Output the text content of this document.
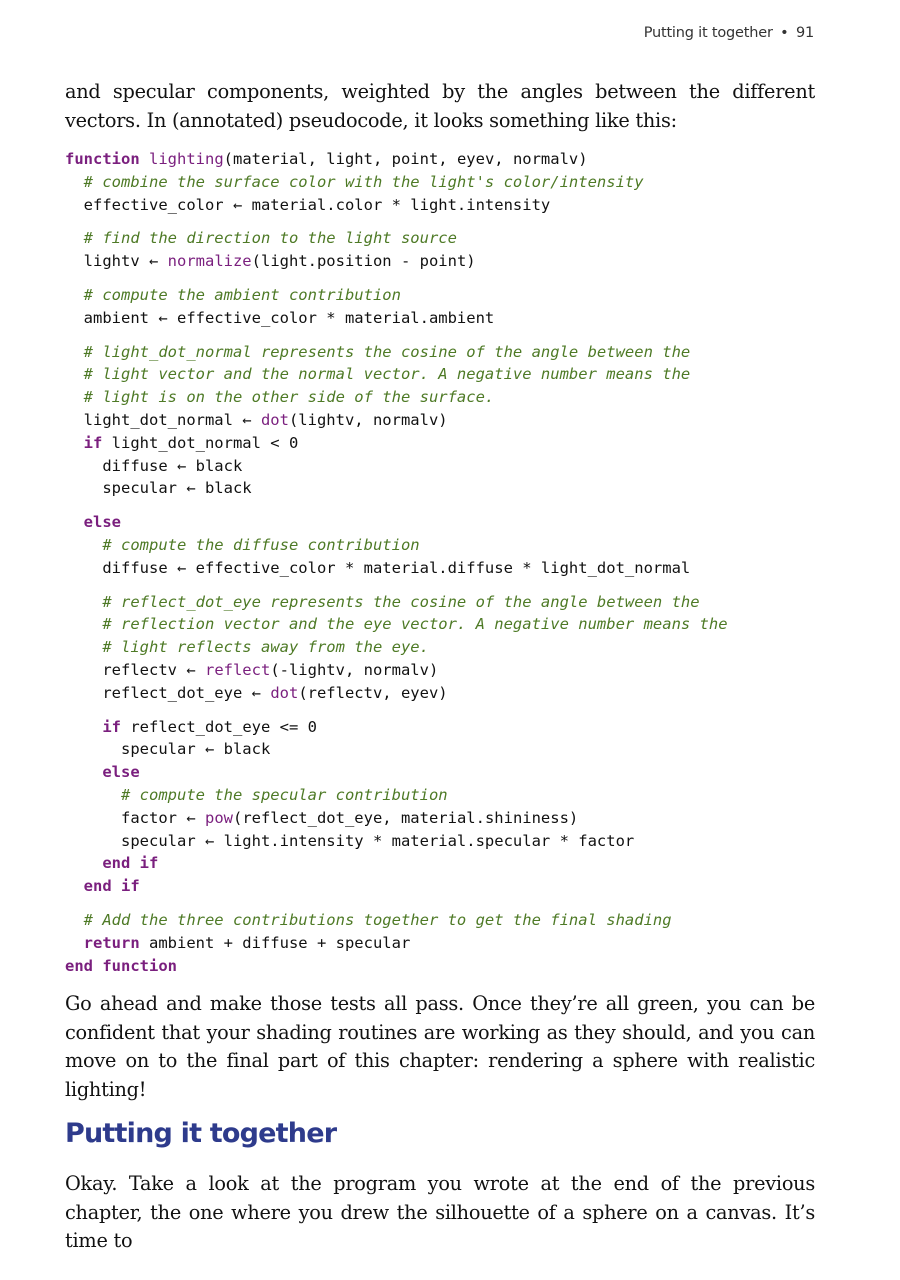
Putting it together • 91

and specular components, weighted by the angles between the different vectors. In (annotated) pseudocode, it looks something like this:

function lighting(material, light, point, eyev, normalv)
# combine the surface color with the light's color/intensity
effective_color ← material.color * light.intensity
# find the direction to the light source
lightv ← normalize(light.position - point)
# compute the ambient contribution
ambient ← effective_color * material.ambient
# light_dot_normal represents the cosine of the angle between the
# light vector and the normal vector. A negative number means the
# light is on the other side of the surface.
light_dot_normal ← dot(lightv, normalv)
if light_dot_normal < 0
diffuse ← black
specular ← black
else
# compute the diffuse contribution
diffuse ← effective_color * material.diffuse * light_dot_normal
# reflect_dot_eye represents the cosine of the angle between the
# reflection vector and the eye vector. A negative number means the
# light reflects away from the eye.
reflectv ← reflect(-lightv, normalv)
reflect_dot_eye ← dot(reflectv, eyev)
if reflect_dot_eye <= 0
specular ← black
else
# compute the specular contribution
factor ← pow(reflect_dot_eye, material.shininess)
specular ← light.intensity * material.specular * factor
end if
end if
# Add the three contributions together to get the final shading
return ambient + diffuse + specular
end function

Go ahead and make those tests all pass. Once they’re all green, you can be confident that your shading routines are working as they should, and you can move on to the final part of this chapter: rendering a sphere with realistic lighting!

Putting it together

Okay. Take a look at the program you wrote at the end of the previous chapter, the one where you drew the silhouette of a sphere on a canvas. It’s time to
